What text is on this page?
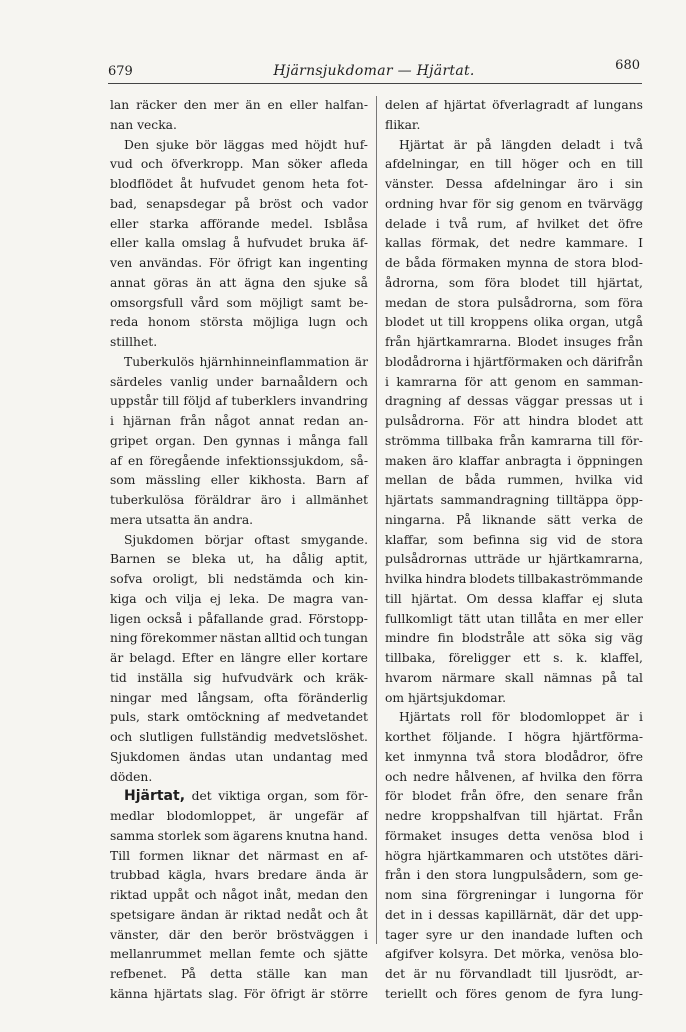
679	Hjärnsjukdomar — Hjärtat.	680
lan räcker den mer än en eller halfan-
nan vecka.
Den sjuke bör läggas med höjdt huf-
vud och öfverkropp. Man söker afleda
blodflödet åt hufvudet genom heta fot-
bad, senapsdegar på bröst och vador
eller starka afförande medel. Isblåsa
eller kalla omslag å hufvudet bruka äf-
ven användas. För öfrigt kan ingenting
annat göras än att ägna den sjuke så
omsorgsfull vård som möjligt samt be-
reda honom största möjliga lugn och
stillhet.
Tuberkulös hjärnhinneinflammation är
särdeles vanlig under barnaåldern och
uppstår till följd af tuberklers invandring
i hjärnan från något annat redan an-
gripet organ. Den gynnas i många fall
af en föregående infektionssjukdom, så-
som mässling eller kikhosta. Barn af
tuberkulösa föräldrar äro i allmänhet
mera utsatta än andra.
Sjukdomen börjar oftast smygande.
Barnen se bleka ut, ha dålig aptit,
sofva oroligt, bli nedstämda och kin-
kiga och vilja ej leka. De magra van-
ligen också i påfallande grad. Förstopp-
ning förekommer nästan alltid och tungan
är belagd. Efter en längre eller kortare
tid inställa sig hufvudvärk och kräk-
ningar med långsam, ofta föränderlig
puls, stark omtöckning af medvetandet
och slutligen fullständig medvetslöshet.
Sjukdomen ändas utan undantag med
döden.
Hjärtat, det viktiga organ, som för-
medlar blodomloppet, är ungefär af
samma storlek som ägarens knutna hand.
Till formen liknar det närmast en af-
trubbad kägla, hvars bredare ända är
riktad uppåt och något inåt, medan den
spetsigare ändan är riktad nedåt och åt
vänster, där den berör bröstväggen i
mellanrummet mellan femte och sjätte
refbenet. På detta ställe kan man
känna hjärtats slag. För öfrigt är större
delen af hjärtat öfverlagradt af lungans
flikar.
Hjärtat är på längden deladt i två
afdelningar, en till höger och en till
vänster. Dessa afdelningar äro i sin
ordning hvar för sig genom en tvärvägg
delade i två rum, af hvilket det öfre
kallas förmak, det nedre kammare. I
de båda förmaken mynna de stora blod-
ådrorna, som föra blodet till hjärtat,
medan de stora pulsådrorna, som föra
blodet ut till kroppens olika organ, utgå
från hjärtkamrarna. Blodet insuges från
blodådrorna i hjärtförmaken och därifrån
i kamrarna för att genom en samman-
dragning af dessas väggar pressas ut i
pulsådrorna. För att hindra blodet att
strömma tillbaka från kamrarna till för-
maken äro klaffar anbragta i öppningen
mellan de båda rummen, hvilka vid
hjärtats sammandragning tilltäppa öpp-
ningarna. På liknande sätt verka de
klaffar, som befinna sig vid de stora
pulsådrornas utträde ur hjärtkamrarna,
hvilka hindra blodets tillbakaströmmande
till hjärtat. Om dessa klaffar ej sluta
fullkomligt tätt utan tillåta en mer eller
mindre fin blodstråle att söka sig väg
tillbaka, föreligger ett s. k. klaffel,
hvarom närmare skall nämnas på tal
om hjärtsjukdomar.
Hjärtats roll för blodomloppet är i
korthet följande. I högra hjärtförma-
ket inmynna två stora blodådror, öfre
och nedre hålvenen, af hvilka den förra
för blodet från öfre, den senare från
nedre kroppshalfvan till hjärtat. Från
förmaket insuges detta venösa blod i
högra hjärtkammaren och utstötes däri-
från i den stora lungpulsådern, som ge-
nom sina förgreningar i lungorna för
det in i dessas kapillärnät, där det upp-
tager syre ur den inandade luften och
afgifver kolsyra. Det mörka, venösa blo-
det är nu förvandladt till ljusrödt, ar-
teriellt och föres genom de fyra lung-
